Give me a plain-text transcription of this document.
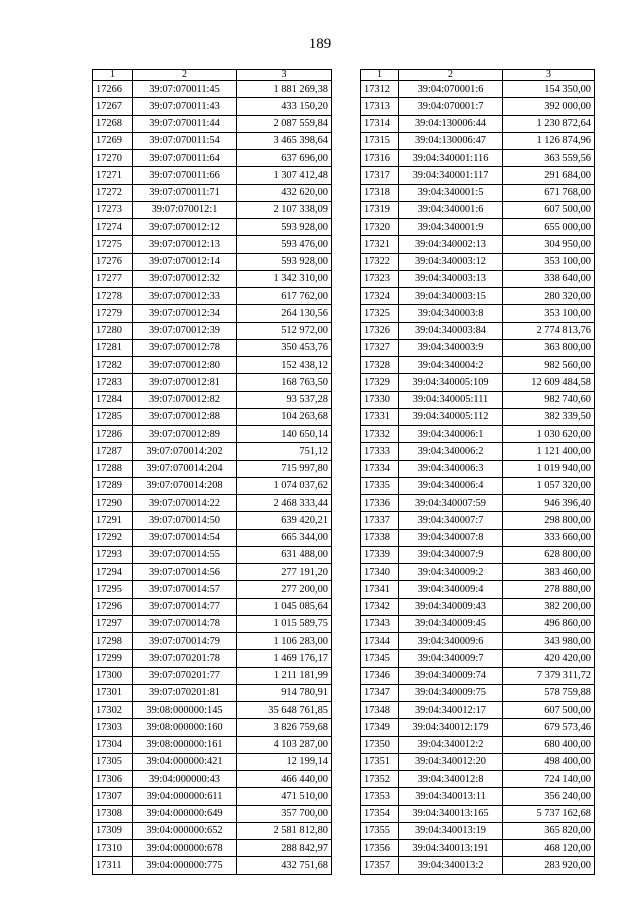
189
1	2	3
17266	39:07:070011:45	1 881 269,38
17267	39:07:070011:43	433 150,20
17268	39:07:070011:44	2 087 559,84
17269	39:07:070011:54	3 465 398,64
17270	39:07:070011:64	637 696,00
17271	39:07:070011:66	1 307 412,48
17272	39:07:070011:71	432 620,00
17273	39:07:070012:1	2 107 338,09
17274	39:07:070012:12	593 928,00
17275	39:07:070012:13	593 476,00
17276	39:07:070012:14	593 928,00
17277	39:07:070012:32	1 342 310,00
17278	39:07:070012:33	617 762,00
17279	39:07:070012:34	264 130,56
17280	39:07:070012:39	512 972,00
17281	39:07:070012:78	350 453,76
17282	39:07:070012:80	152 438,12
17283	39:07:070012:81	168 763,50
17284	39:07:070012:82	93 537,28
17285	39:07:070012:88	104 263,68
17286	39:07:070012:89	140 650,14
17287	39:07:070014:202	751,12
17288	39:07:070014:204	715 997,80
17289	39:07:070014:208	1 074 037,62
17290	39:07:070014:22	2 468 333,44
17291	39:07:070014:50	639 420,21
17292	39:07:070014:54	665 344,00
17293	39:07:070014:55	631 488,00
17294	39:07:070014:56	277 191,20
17295	39:07:070014:57	277 200,00
17296	39:07:070014:77	1 045 085,64
17297	39:07:070014:78	1 015 589,75
17298	39:07:070014:79	1 106 283,00
17299	39:07:070201:78	1 469 176,17
17300	39:07:070201:77	1 211 181,99
17301	39:07:070201:81	914 780,91
17302	39:08:000000:145	35 648 761,85
17303	39:08:000000:160	3 826 759,68
17304	39:08:000000:161	4 103 287,00
17305	39:04:000000:421	12 199,14
17306	39:04:000000:43	466 440,00
17307	39:04:000000:611	471 510,00
17308	39:04:000000:649	357 700,00
17309	39:04:000000:652	2 581 812,80
17310	39:04:000000:678	288 842,97
17311	39:04:000000:775	432 751,68
1	2	3
17312	39:04:070001:6	154 350,00
17313	39:04:070001:7	392 000,00
17314	39:04:130006:44	1 230 872,64
17315	39:04:130006:47	1 126 874,96
17316	39:04:340001:116	363 559,56
17317	39:04:340001:117	291 684,00
17318	39:04:340001:5	671 768,00
17319	39:04:340001:6	607 500,00
17320	39:04:340001:9	655 000,00
17321	39:04:340002:13	304 950,00
17322	39:04:340003:12	353 100,00
17323	39:04:340003:13	338 640,00
17324	39:04:340003:15	280 320,00
17325	39:04:340003:8	353 100,00
17326	39:04:340003:84	2 774 813,76
17327	39:04:340003:9	363 800,00
17328	39:04:340004:2	982 560,00
17329	39:04:340005:109	12 609 484,58
17330	39:04:340005:111	982 740,60
17331	39:04:340005:112	382 339,50
17332	39:04:340006:1	1 030 620,00
17333	39:04:340006:2	1 121 400,00
17334	39:04:340006:3	1 019 940,00
17335	39:04:340006:4	1 057 320,00
17336	39:04:340007:59	946 396,40
17337	39:04:340007:7	298 800,00
17338	39:04:340007:8	333 660,00
17339	39:04:340007:9	628 800,00
17340	39:04:340009:2	383 460,00
17341	39:04:340009:4	278 880,00
17342	39:04:340009:43	382 200,00
17343	39:04:340009:45	496 860,00
17344	39:04:340009:6	343 980,00
17345	39:04:340009:7	420 420,00
17346	39:04:340009:74	7 379 311,72
17347	39:04:340009:75	578 759,88
17348	39:04:340012:17	607 500,00
17349	39:04:340012:179	679 573,46
17350	39:04:340012:2	680 400,00
17351	39:04:340012:20	498 400,00
17352	39:04:340012:8	724 140,00
17353	39:04:340013:11	356 240,00
17354	39:04:340013:165	5 737 162,68
17355	39:04:340013:19	365 820,00
17356	39:04:340013:191	468 120,00
17357	39:04:340013:2	283 920,00
